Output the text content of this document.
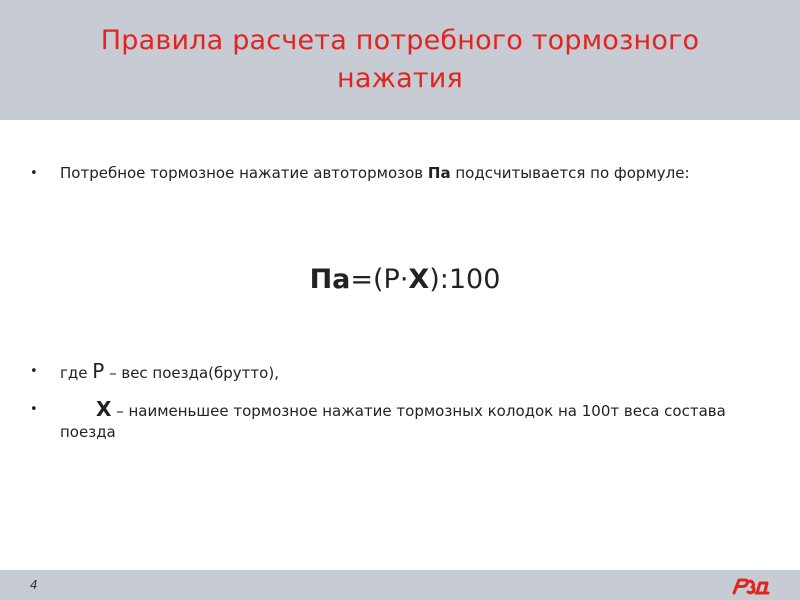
Правила расчета потребного тормозного нажатия
• Потребное тормозное нажатие автотормозов Па подсчитывается по формуле:
Па=(Р·Х):100
• где Р – вес поезда(брутто),
• Х – наименьшее тормозное нажатие тормозных колодок на 100т веса состава поезда
4
